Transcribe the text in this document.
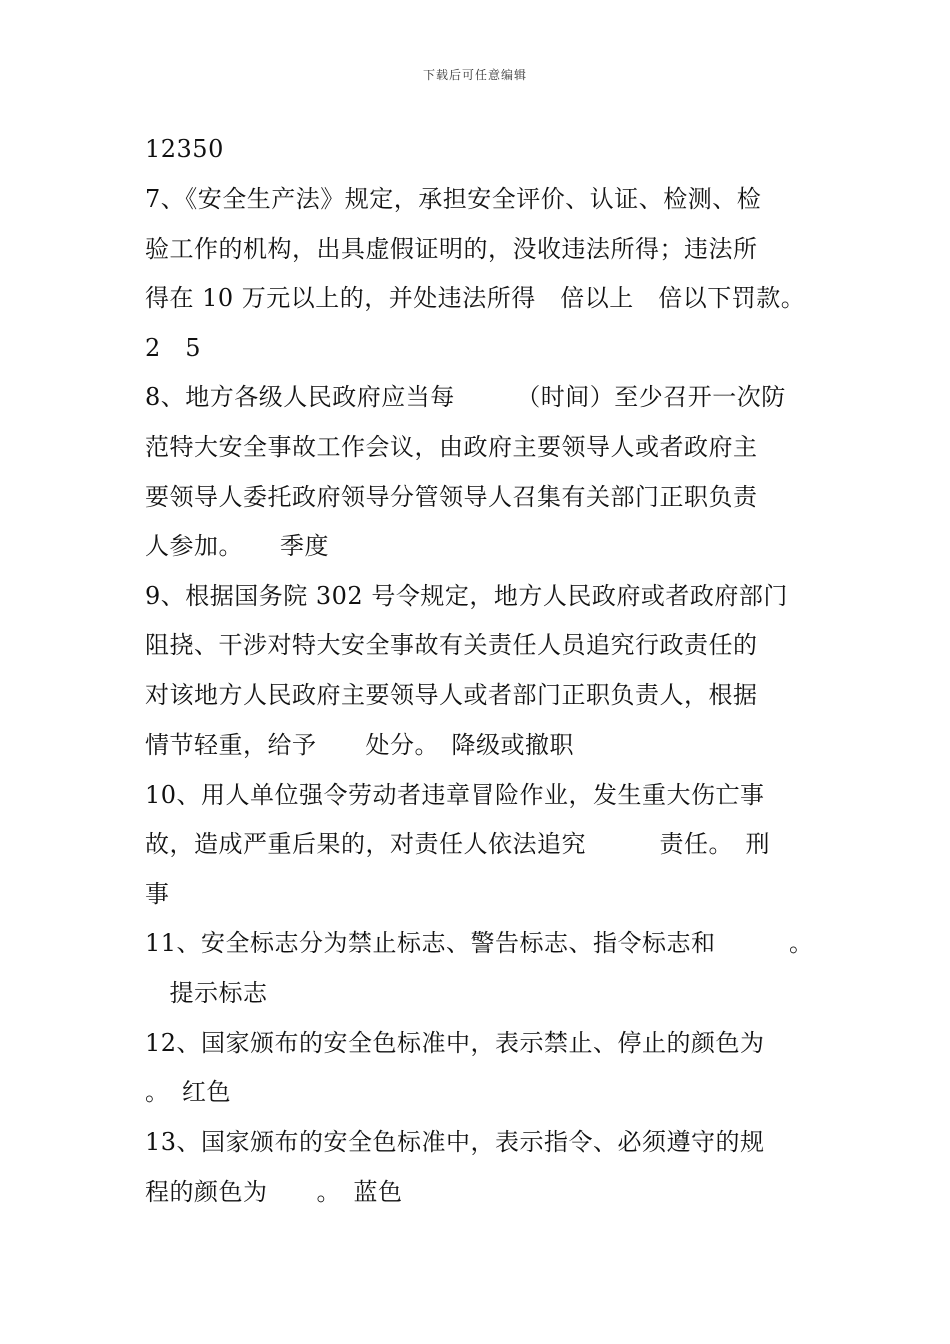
下载后可任意编辑
12350
7、《安全生产法》规定，承担安全评价、认证、检测、检
验工作的机构，出具虚假证明的，没收违法所得；违法所
得在 10 万元以上的，并处违法所得　倍以上　倍以下罚款。
2　5
8、地方各级人民政府应当每　　　（时间）至少召开一次防
范特大安全事故工作会议，由政府主要领导人或者政府主
要领导人委托政府领导分管领导人召集有关部门正职负责
人参加。　　季度
9、根据国务院 302 号令规定，地方人民政府或者政府部门
阻挠、干涉对特大安全事故有关责任人员追究行政责任的
对该地方人民政府主要领导人或者部门正职负责人，根据
情节轻重，给予　　处分。　降级或撤职
10、用人单位强令劳动者违章冒险作业，发生重大伤亡事
故，造成严重后果的，对责任人依法追究　　　责任。　刑
事
11、安全标志分为禁止标志、警告标志、指令标志和　　　。
　提示标志
12、国家颁布的安全色标准中，表示禁止、停止的颜色为
。　红色
13、国家颁布的安全色标准中，表示指令、必须遵守的规
程的颜色为　　。　蓝色
